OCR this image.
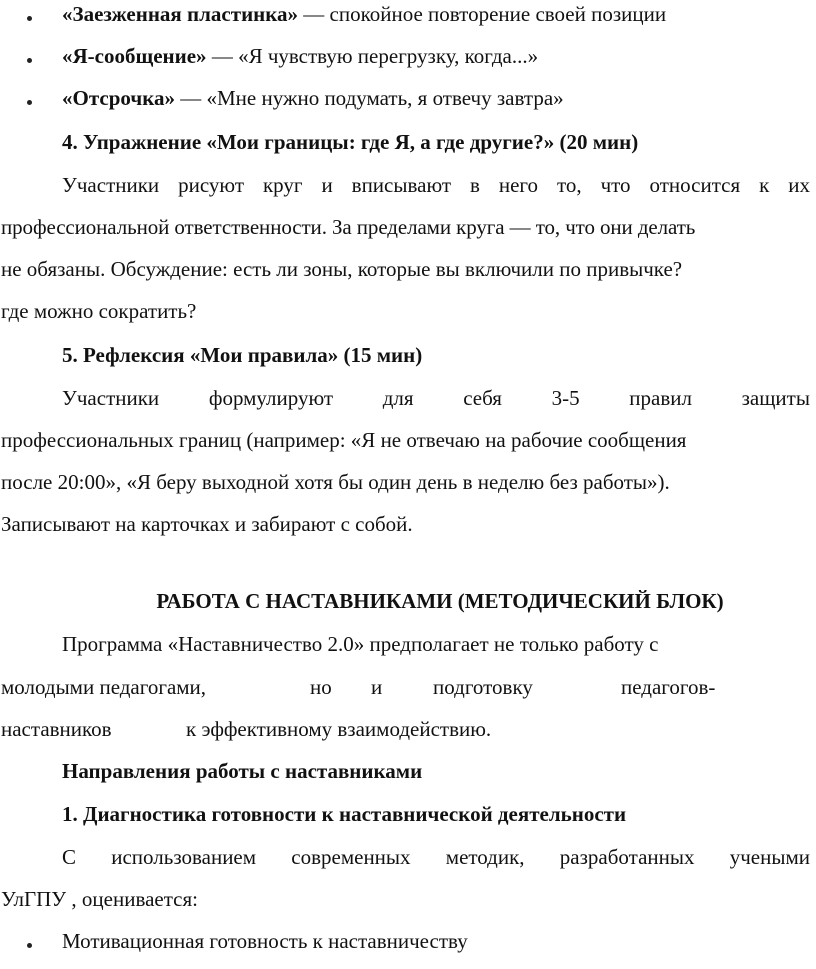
«Заезженная пластинка» — спокойное повторение своей позиции
«Я-сообщение» — «Я чувствую перегрузку, когда...»
«Отсрочка» — «Мне нужно подумать, я отвечу завтра»
4. Упражнение «Мои границы: где Я, а где другие?» (20 мин)
Участники рисуют круг и вписывают в него то, что относится к их
профессиональной ответственности. За пределами круга — то, что они делать
не обязаны. Обсуждение: есть ли зоны, которые вы включили по привычке?
где можно сократить?
5. Рефлексия «Мои правила» (15 мин)
Участники формулируют для себя 3-5 правил защиты
профессиональных границ (например: «Я не отвечаю на рабочие сообщения
после 20:00», «Я беру выходной хотя бы один день в неделю без работы»).
Записывают на карточках и забирают с собой.
РАБОТА С НАСТАВНИКАМИ (МЕТОДИЧЕСКИЙ БЛОК)
Программа «Наставничество 2.0» предполагает не только работу с
молодыми педагогами,	но и подготовку	педагогов-
наставников	к эффективному взаимодействию.
Направления работы с наставниками
1. Диагностика готовности к наставнической деятельности
С использованием современных методик, разработанных учеными
УлГПУ , оценивается:
Мотивационная готовность к наставничеству
